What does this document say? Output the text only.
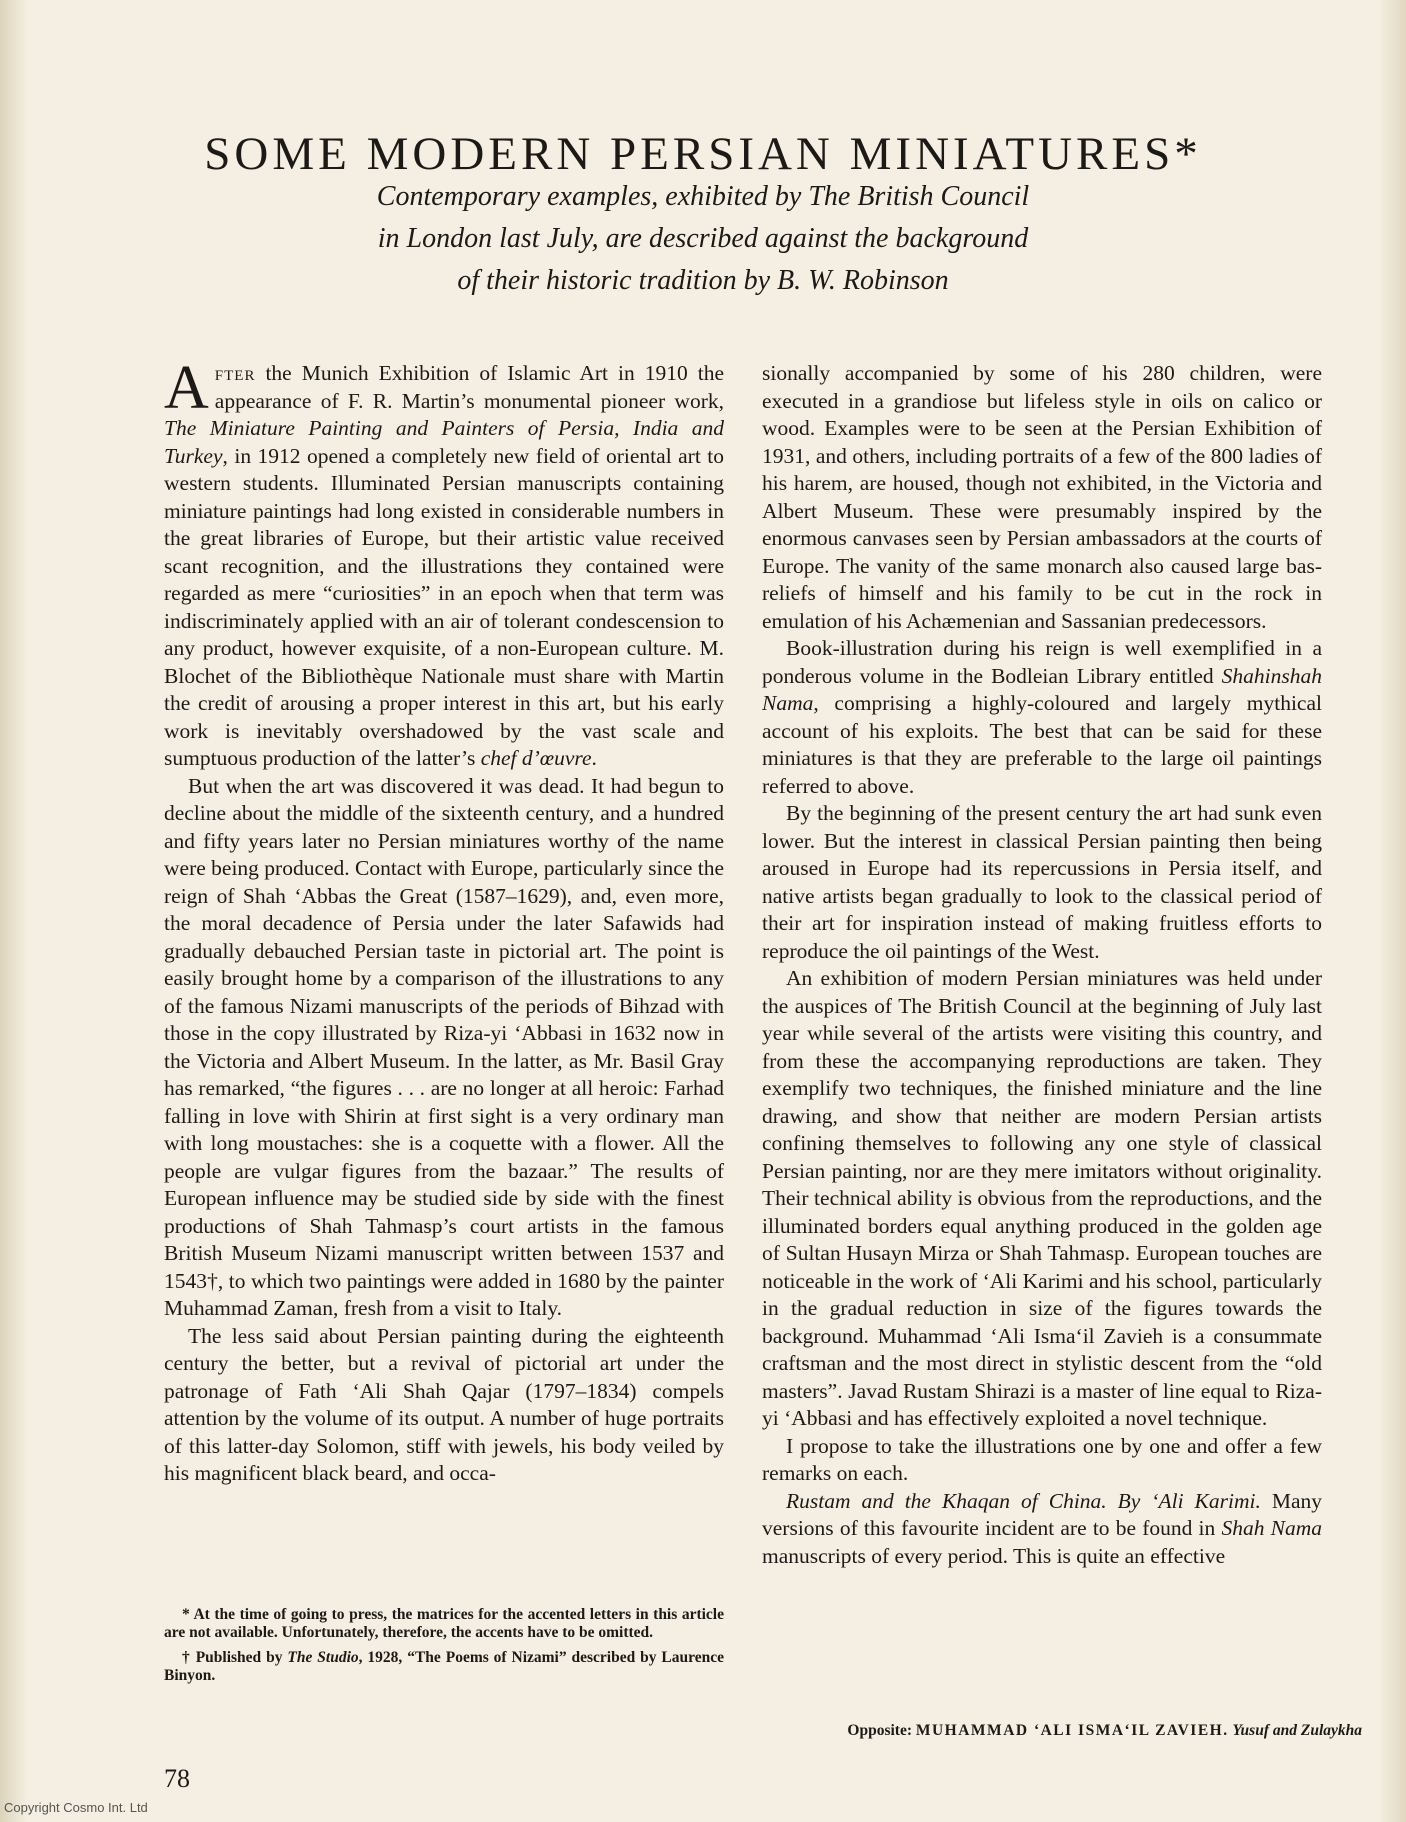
SOME MODERN PERSIAN MINIATURES*
Contemporary examples, exhibited by The British Council
in London last July, are described against the background
of their historic tradition by B. W. Robinson

After the Munich Exhibition of Islamic Art in 1910 the appearance of F. R. Martin’s monumental pioneer work, The Miniature Painting and Painters of Persia, India and Turkey, in 1912 opened a completely new field of oriental art to western students. Illuminated Persian manuscripts containing miniature paintings had long existed in considerable numbers in the great libraries of Europe, but their artistic value received scant recognition, and the illustrations they contained were regarded as mere “curiosities” in an epoch when that term was indiscriminately applied with an air of tolerant condescension to any product, however exquisite, of a non-European culture. M. Blochet of the Bibliothèque Nationale must share with Martin the credit of arousing a proper interest in this art, but his early work is inevitably overshadowed by the vast scale and sumptuous production of the latter’s chef d’œuvre.

But when the art was discovered it was dead. It had begun to decline about the middle of the sixteenth century, and a hundred and fifty years later no Persian miniatures worthy of the name were being produced. Contact with Europe, particularly since the reign of Shah ‘Abbas the Great (1587–1629), and, even more, the moral decadence of Persia under the later Safawids had gradually debauched Persian taste in pictorial art. The point is easily brought home by a comparison of the illustrations to any of the famous Nizami manuscripts of the periods of Bihzad with those in the copy illustrated by Riza-yi ‘Abbasi in 1632 now in the Victoria and Albert Museum. In the latter, as Mr. Basil Gray has remarked, “the figures . . . are no longer at all heroic: Farhad falling in love with Shirin at first sight is a very ordinary man with long moustaches: she is a coquette with a flower. All the people are vulgar figures from the bazaar.” The results of European influence may be studied side by side with the finest productions of Shah Tahmasp’s court artists in the famous British Museum Nizami manuscript written between 1537 and 1543†, to which two paintings were added in 1680 by the painter Muhammad Zaman, fresh from a visit to Italy.

The less said about Persian painting during the eighteenth century the better, but a revival of pictorial art under the patronage of Fath ‘Ali Shah Qajar (1797–1834) compels attention by the volume of its output. A number of huge portraits of this latter-day Solomon, stiff with jewels, his body veiled by his magnificent black beard, and occa-

sionally accompanied by some of his 280 children, were executed in a grandiose but lifeless style in oils on calico or wood. Examples were to be seen at the Persian Exhibition of 1931, and others, including portraits of a few of the 800 ladies of his harem, are housed, though not exhibited, in the Victoria and Albert Museum. These were presumably inspired by the enormous canvases seen by Persian ambassadors at the courts of Europe. The vanity of the same monarch also caused large bas-reliefs of himself and his family to be cut in the rock in emulation of his Achæmenian and Sassanian predecessors.

Book-illustration during his reign is well exemplified in a ponderous volume in the Bodleian Library entitled Shahinshah Nama, comprising a highly-coloured and largely mythical account of his exploits. The best that can be said for these miniatures is that they are preferable to the large oil paintings referred to above.

By the beginning of the present century the art had sunk even lower. But the interest in classical Persian painting then being aroused in Europe had its repercussions in Persia itself, and native artists began gradually to look to the classical period of their art for inspiration instead of making fruitless efforts to reproduce the oil paintings of the West.

An exhibition of modern Persian miniatures was held under the auspices of The British Council at the beginning of July last year while several of the artists were visiting this country, and from these the accompanying reproductions are taken. They exemplify two techniques, the finished miniature and the line drawing, and show that neither are modern Persian artists confining themselves to following any one style of classical Persian painting, nor are they mere imitators without originality. Their technical ability is obvious from the reproductions, and the illuminated borders equal anything produced in the golden age of Sultan Husayn Mirza or Shah Tahmasp. European touches are noticeable in the work of ‘Ali Karimi and his school, particularly in the gradual reduction in size of the figures towards the background. Muhammad ‘Ali Isma‘il Zavieh is a consummate craftsman and the most direct in stylistic descent from the “old masters”. Javad Rustam Shirazi is a master of line equal to Riza-yi ‘Abbasi and has effectively exploited a novel technique.

I propose to take the illustrations one by one and offer a few remarks on each.

Rustam and the Khaqan of China. By ‘Ali Karimi. Many versions of this favourite incident are to be found in Shah Nama manuscripts of every period. This is quite an effective

* At the time of going to press, the matrices for the accented letters in this article are not available. Unfortunately, therefore, the accents have to be omitted.

† Published by The Studio, 1928, “The Poems of Nizami” described by Laurence Binyon.

Opposite: MUHAMMAD ‘ALI ISMA‘IL ZAVIEH. Yusuf and Zulaykha
78
Copyright Cosmo Int. Ltd
